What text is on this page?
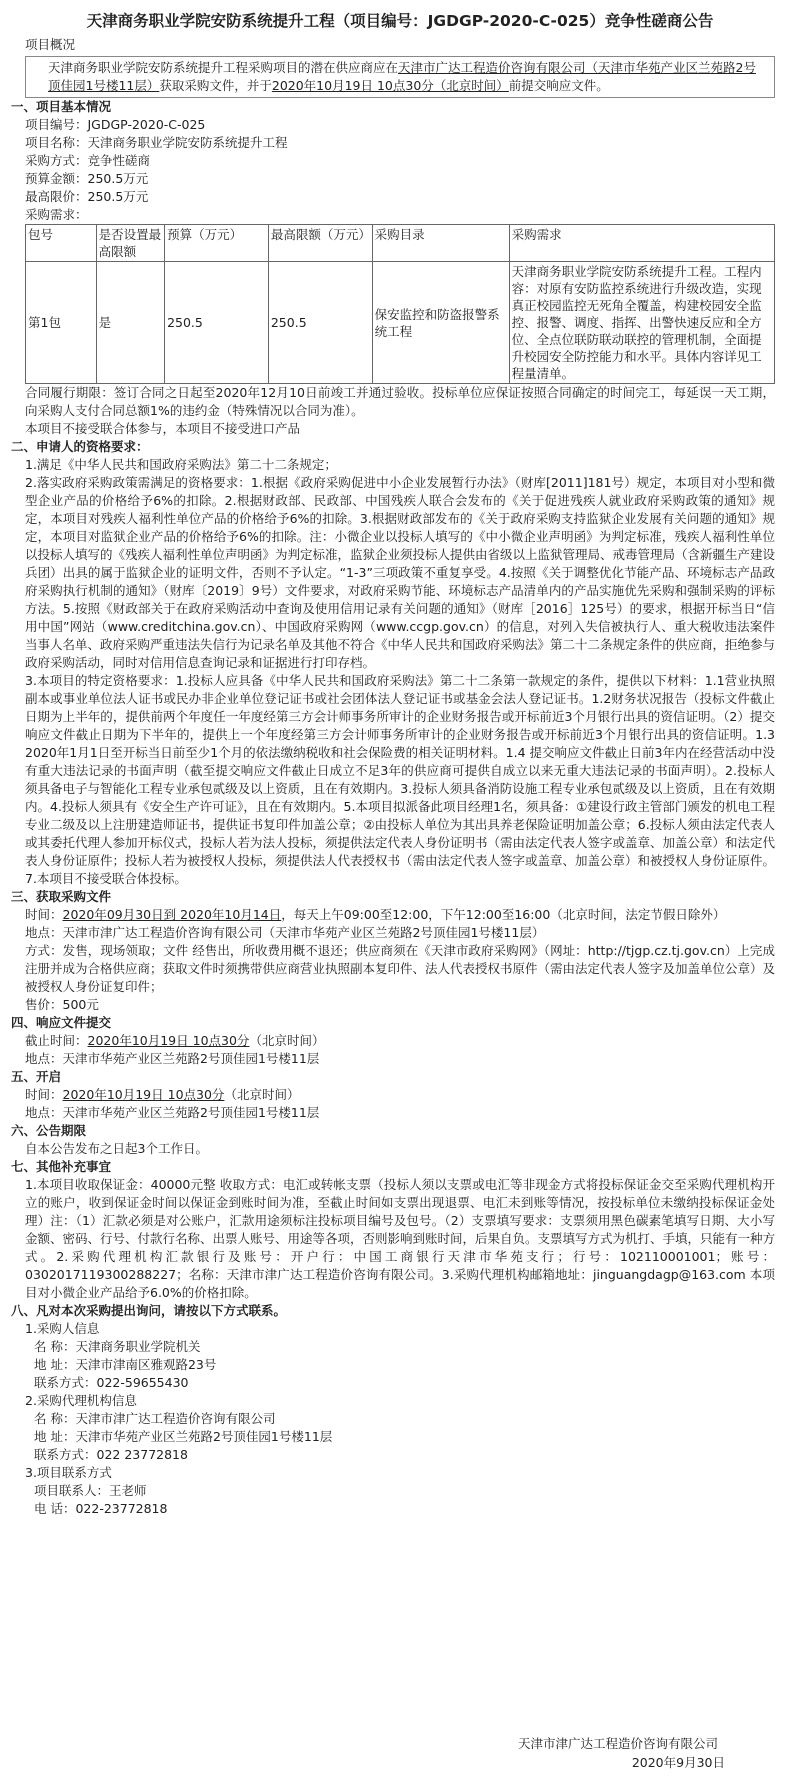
天津商务职业学院安防系统提升工程（项目编号：JGDGP-2020-C-025）竞争性磋商公告
项目概况
天津商务职业学院安防系统提升工程采购项目的潜在供应商应在天津市广达工程造价咨询有限公司（天津市华苑产业区兰苑路2号顶佳园1号楼11层）获取采购文件，并于2020年10月19日 10点30分（北京时间）前提交响应文件。
一、项目基本情况
项目编号：JGDGP-2020-C-025
项目名称：天津商务职业学院安防系统提升工程
采购方式：竞争性磋商
预算金额：250.5万元
最高限价：250.5万元
采购需求：
包号	是否设置最高限额	预算（万元）	最高限额（万元）	采购目录	采购需求
第1包	是	250.5	250.5	保安监控和防盗报警系统工程	天津商务职业学院安防系统提升工程。工程内容：对原有安防监控系统进行升级改造，实现真正校园监控无死角全覆盖，构建校园安全监控、报警、调度、指挥、出警快速反应和全方位、全点位联防联动联控的管理机制，全面提升校园安全防控能力和水平。具体内容详见工程量清单。
合同履行期限：签订合同之日起至2020年12月10日前竣工并通过验收。投标单位应保证按照合同确定的时间完工，每延误一天工期，向采购人支付合同总额1%的违约金（特殊情况以合同为准）。
本项目不接受联合体参与，本项目不接受进口产品
二、申请人的资格要求：
1.满足《中华人民共和国政府采购法》第二十二条规定；
2.落实政府采购政策需满足的资格要求：1.根据《政府采购促进中小企业发展暂行办法》（财库[2011]181号）规定，本项目对小型和微型企业产品的价格给予6%的扣除。2.根据财政部、民政部、中国残疾人联合会发布的《关于促进残疾人就业政府采购政策的通知》规定，本项目对残疾人福利性单位产品的价格给予6%的扣除。3.根据财政部发布的《关于政府采购支持监狱企业发展有关问题的通知》规定，本项目对监狱企业产品的价格给予6%的扣除。注：小微企业以投标人填写的《中小微企业声明函》为判定标准，残疾人福利性单位以投标人填写的《残疾人福利性单位声明函》为判定标准，监狱企业须投标人提供由省级以上监狱管理局、戒毒管理局（含新疆生产建设兵团）出具的属于监狱企业的证明文件，否则不予认定。“1-3”三项政策不重复享受。4.按照《关于调整优化节能产品、环境标志产品政府采购执行机制的通知》（财库〔2019〕9号）文件要求，对政府采购节能、环境标志产品清单内的产品实施优先采购和强制采购的评标方法。5.按照《财政部关于在政府采购活动中查询及使用信用记录有关问题的通知》（财库［2016］125号）的要求，根据开标当日“信用中国”网站（www.creditchina.gov.cn）、中国政府采购网（www.ccgp.gov.cn）的信息，对列入失信被执行人、重大税收违法案件当事人名单、政府采购严重违法失信行为记录名单及其他不符合《中华人民共和国政府采购法》第二十二条规定条件的供应商，拒绝参与政府采购活动，同时对信用信息查询记录和证据进行打印存档。
3.本项目的特定资格要求：1.投标人应具备《中华人民共和国政府采购法》第二十二条第一款规定的条件，提供以下材料：1.1营业执照副本或事业单位法人证书或民办非企业单位登记证书或社会团体法人登记证书或基金会法人登记证书。1.2财务状况报告（投标文件截止日期为上半年的，提供前两个年度任一年度经第三方会计师事务所审计的企业财务报告或开标前近3个月银行出具的资信证明。（2）提交响应文件截止日期为下半年的，提供上一个年度经第三方会计师事务所审计的企业财务报告或开标前近3个月银行出具的资信证明。1.3 2020年1月1日至开标当日前至少1个月的依法缴纳税收和社会保险费的相关证明材料。1.4 提交响应文件截止日前3年内在经营活动中没有重大违法记录的书面声明（截至提交响应文件截止日成立不足3年的供应商可提供自成立以来无重大违法记录的书面声明）。2.投标人须具备电子与智能化工程专业承包贰级及以上资质，且在有效期内。3.投标人须具备消防设施工程专业承包贰级及以上资质，且在有效期内。4.投标人须具有《安全生产许可证》，且在有效期内。5.本项目拟派备此项目经理1名，须具备：①建设行政主管部门颁发的机电工程专业二级及以上注册建造师证书，提供证书复印件加盖公章；②由投标人单位为其出具养老保险证明加盖公章；6.投标人须由法定代表人或其委托代理人参加开标仪式，投标人若为法人投标，须提供法定代表人身份证明书（需由法定代表人签字或盖章、加盖公章）和法定代表人身份证原件；投标人若为被授权人投标，须提供法人代表授权书（需由法定代表人签字或盖章、加盖公章）和被授权人身份证原件。7.本项目不接受联合体投标。
三、获取采购文件
时间：2020年09月30日到 2020年10月14日，每天上午09:00至12:00，下午12:00至16:00（北京时间，法定节假日除外）
地点：天津市津广达工程造价咨询有限公司（天津市华苑产业区兰苑路2号顶佳园1号楼11层）
方式：发售，现场领取；文件 经售出，所收费用概不退还；供应商须在《天津市政府采购网》（网址：http://tjgp.cz.tj.gov.cn）上完成注册并成为合格供应商；获取文件时须携带供应商营业执照副本复印件、法人代表授权书原件（需由法定代表人签字及加盖单位公章）及被授权人身份证复印件；
售价：500元
四、响应文件提交
截止时间：2020年10月19日 10点30分（北京时间）
地点：天津市华苑产业区兰苑路2号顶佳园1号楼11层
五、开启
时间：2020年10月19日 10点30分（北京时间）
地点：天津市华苑产业区兰苑路2号顶佳园1号楼11层
六、公告期限
自本公告发布之日起3个工作日。
七、其他补充事宜
1.本项目收取保证金：40000元整 收取方式：电汇或转帐支票（投标人须以支票或电汇等非现金方式将投标保证金交至采购代理机构开立的账户，收到保证金时间以保证金到账时间为准，至截止时间如支票出现退票、电汇未到账等情况，按投标单位未缴纳投标保证金处理）注：（1）汇款必须是对公账户，汇款用途须标注投标项目编号及包号。（2）支票填写要求：支票须用黑色碳素笔填写日期、大小写金额、密码、行号、付款行名称、出票人账号、用途等各项，否则影响到账时间，后果自负。支票填写方式为机打、手填，只能有一种方式。2.采购代理机构汇款银行及账号：开户行：中国工商银行天津市华苑支行；行号：102110001001；账号：0302017119300288227；名称：天津市津广达工程造价咨询有限公司。3.采购代理机构邮箱地址：jinguangdagp@163.com 本项目对小微企业产品给予6.0%的价格扣除。
八、凡对本次采购提出询问，请按以下方式联系。
1.采购人信息
名 称：天津商务职业学院机关
地 址：天津市津南区雅观路23号
联系方式：022-59655430
2.采购代理机构信息
名 称：天津市津广达工程造价咨询有限公司
地 址：天津市华苑产业区兰苑路2号顶佳园1号楼11层
联系方式：022 23772818
3.项目联系方式
项目联系人：王老师
电 话：022-23772818
天津市津广达工程造价咨询有限公司
2020年9月30日
